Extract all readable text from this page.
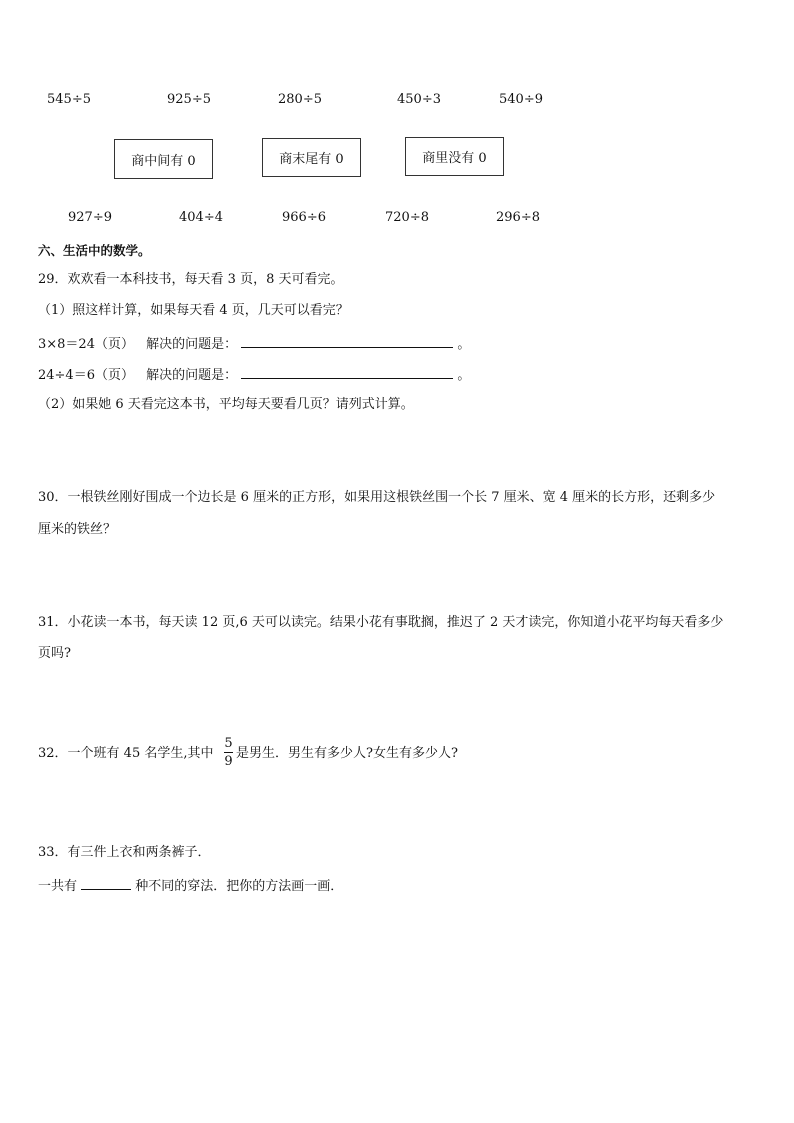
545÷5	925÷5	280÷5	450÷3	540÷9
商中间有 0	商末尾有 0	商里没有 0
927÷9	404÷4	966÷6	720÷8	296÷8
六、生活中的数学。
29．欢欢看一本科技书，每天看 3 页，8 天可看完。
（1）照这样计算，如果每天看 4 页，几天可以看完？
3×8＝24（页） 解决的问题是：	。
24÷4＝6（页） 解决的问题是：	。
（2）如果她 6 天看完这本书，平均每天要看几页？请列式计算。
30．一根铁丝刚好围成一个边长是 6 厘米的正方形，如果用这根铁丝围一个长 7 厘米、宽 4 厘米的长方形，还剩多少
厘米的铁丝？
31．小花读一本书，每天读 12 页,6 天可以读完。结果小花有事耽搁，推迟了 2 天才读完，你知道小花平均每天看多少
页吗?
32．一个班有 45 名学生,其中
5
9
是男生．男生有多少人?女生有多少人?
33．有三件上衣和两条裤子．
一共有	种不同的穿法．把你的方法画一画．
